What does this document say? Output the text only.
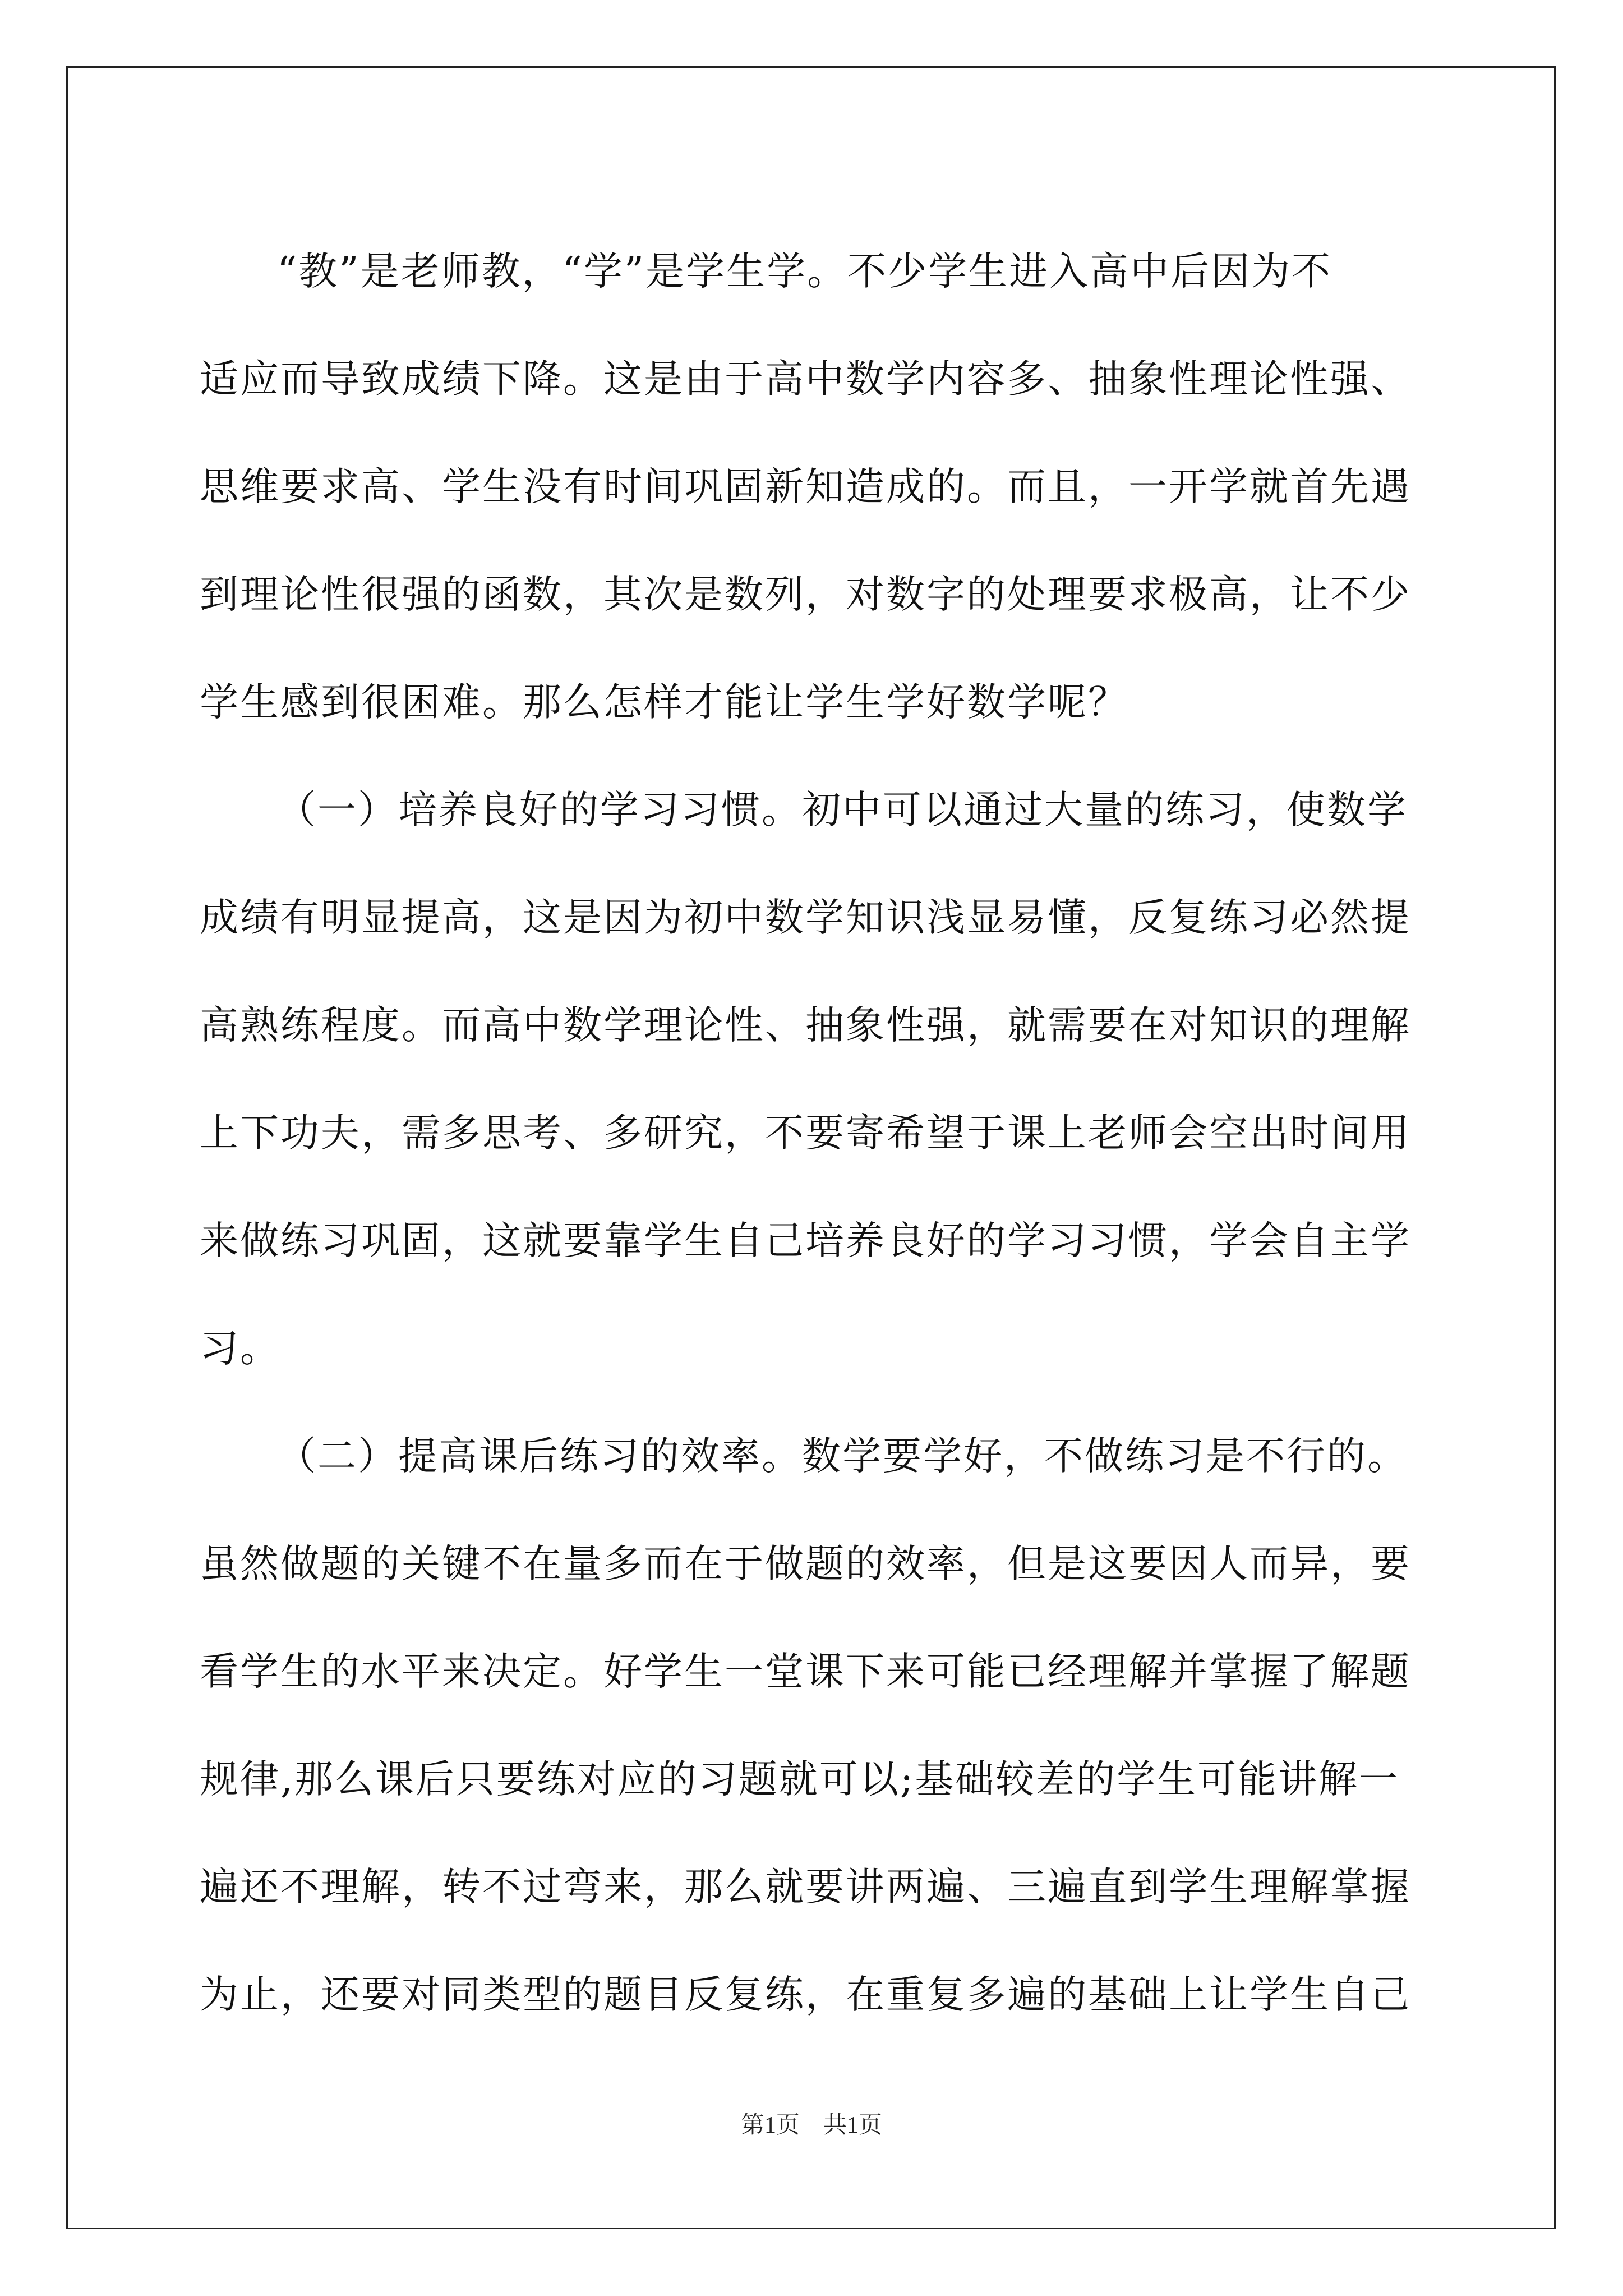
“教”是老师教，“学”是学生学。不少学生进入高中后因为不
适应而导致成绩下降。这是由于高中数学内容多、抽象性理论性强、
思维要求高、学生没有时间巩固新知造成的。而且，一开学就首先遇
到理论性很强的函数，其次是数列，对数字的处理要求极高，让不少
学生感到很困难。那么怎样才能让学生学好数学呢？

（一）培养良好的学习习惯。初中可以通过大量的练习，使数学
成绩有明显提高，这是因为初中数学知识浅显易懂，反复练习必然提
高熟练程度。而高中数学理论性、抽象性强，就需要在对知识的理解
上下功夫，需多思考、多研究，不要寄希望于课上老师会空出时间用
来做练习巩固，这就要靠学生自己培养良好的学习习惯，学会自主学
习。

（二）提高课后练习的效率。数学要学好，不做练习是不行的。
虽然做题的关键不在量多而在于做题的效率，但是这要因人而异，要
看学生的水平来决定。好学生一堂课下来可能已经理解并掌握了解题
规律,那么课后只要练对应的习题就可以;基础较差的学生可能讲解一
遍还不理解，转不过弯来，那么就要讲两遍、三遍直到学生理解掌握
为止，还要对同类型的题目反复练，在重复多遍的基础上让学生自己

第1页　共1页
